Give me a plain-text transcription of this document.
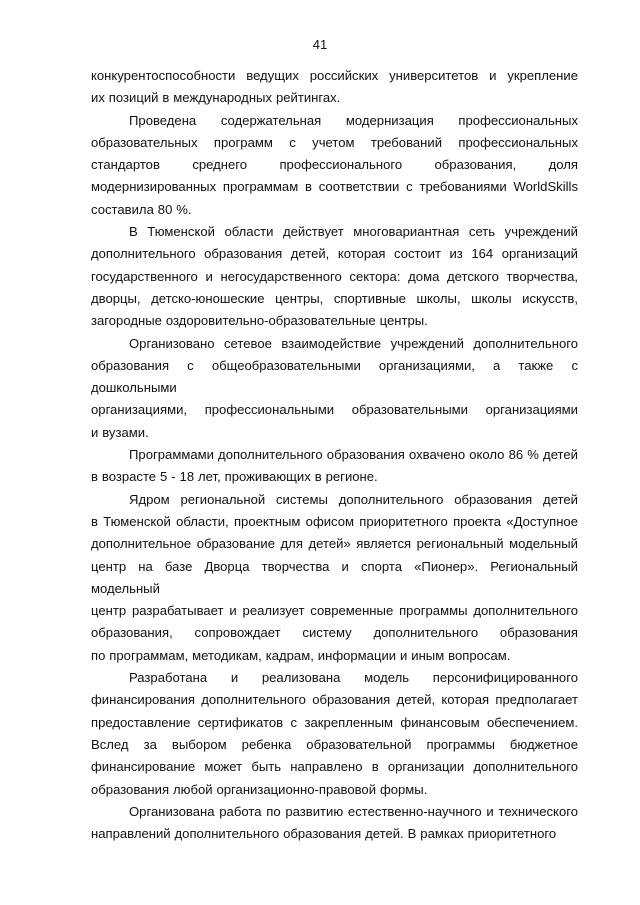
41

конкурентоспособности ведущих российских университетов и укрепление
их позиций в международных рейтингах.

Проведена содержательная модернизация профессиональных
образовательных программ с учетом требований профессиональных
стандартов среднего профессионального образования, доля
модернизированных программам в соответствии с требованиями WorldSkills
составила 80 %.

В Тюменской области действует многовариантная сеть учреждений
дополнительного образования детей, которая состоит из 164 организаций
государственного и негосударственного сектора: дома детского творчества,
дворцы, детско-юношеские центры, спортивные школы, школы искусств,
загородные оздоровительно-образовательные центры.

Организовано сетевое взаимодействие учреждений дополнительного
образования с общеобразовательными организациями, а также с дошкольными
организациями, профессиональными образовательными организациями
и вузами.

Программами дополнительного образования охвачено около 86 % детей
в возрасте 5 - 18 лет, проживающих в регионе.

Ядром региональной системы дополнительного образования детей
в Тюменской области, проектным офисом приоритетного проекта «Доступное
дополнительное образование для детей» является региональный модельный
центр на базе Дворца творчества и спорта «Пионер». Региональный модельный
центр разрабатывает и реализует современные программы дополнительного
образования, сопровождает систему дополнительного образования
по программам, методикам, кадрам, информации и иным вопросам.

Разработана и реализована модель персонифицированного
финансирования дополнительного образования детей, которая предполагает
предоставление сертификатов с закрепленным финансовым обеспечением.
Вслед за выбором ребенка образовательной программы бюджетное
финансирование может быть направлено в организации дополнительного
образования любой организационно-правовой формы.

Организована работа по развитию естественно-научного и технического
направлений дополнительного образования детей. В рамках приоритетного
